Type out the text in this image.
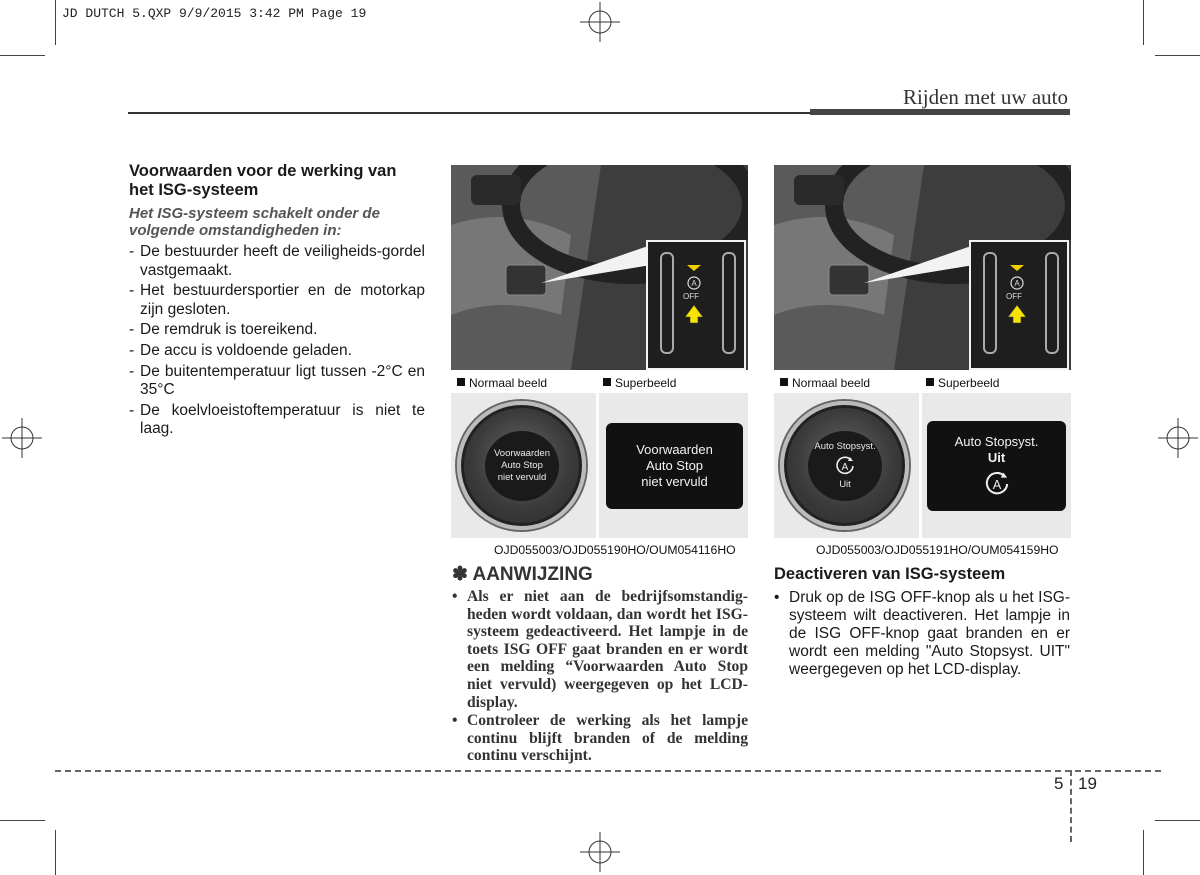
JD DUTCH 5.QXP 9/9/2015 3:42 PM Page 19
Rijden met uw auto
Voorwaarden voor de werking van het ISG-systeem
Het ISG-systeem schakelt onder de volgende omstandigheden in:
- De bestuurder heeft de veiligheids-gordel vastgemaakt.
- Het bestuurdersportier en de motorkap zijn gesloten.
- De remdruk is toereikend.
- De accu is voldoende geladen.
- De buitentemperatuur ligt tussen -2°C en 35°C
- De koelvloeistoftemperatuur is niet te laag.
A
OFF
Normaal beeld	Superbeeld
Voorwaarden
Auto Stop
niet vervuld
Voorwaarden
Auto Stop
niet vervuld
OJD055003/OJD055190HO/OUM054116HO
A
OFF
Normaal beeld	Superbeeld
Auto Stopsyst.
A
Uit
Auto Stopsyst.
Uit
A
OJD055003/OJD055191HO/OUM054159HO
✽ AANWIJZING
• Als er niet aan de bedrijfsomstandig-heden wordt voldaan, dan wordt het ISG-systeem gedeactiveerd. Het lampje in de toets ISG OFF gaat branden en er wordt een melding “Voorwaarden Auto Stop niet vervuld) weergegeven op het LCD-display.
• Controleer de werking als het lampje continu blijft branden of de melding continu verschijnt.
Deactiveren van ISG-systeem
• Druk op de ISG OFF-knop als u het ISG-systeem wilt deactiveren. Het lampje in de ISG OFF-knop gaat branden en er wordt een melding "Auto Stopsyst. UIT" weergegeven op het LCD-display.
5 19
